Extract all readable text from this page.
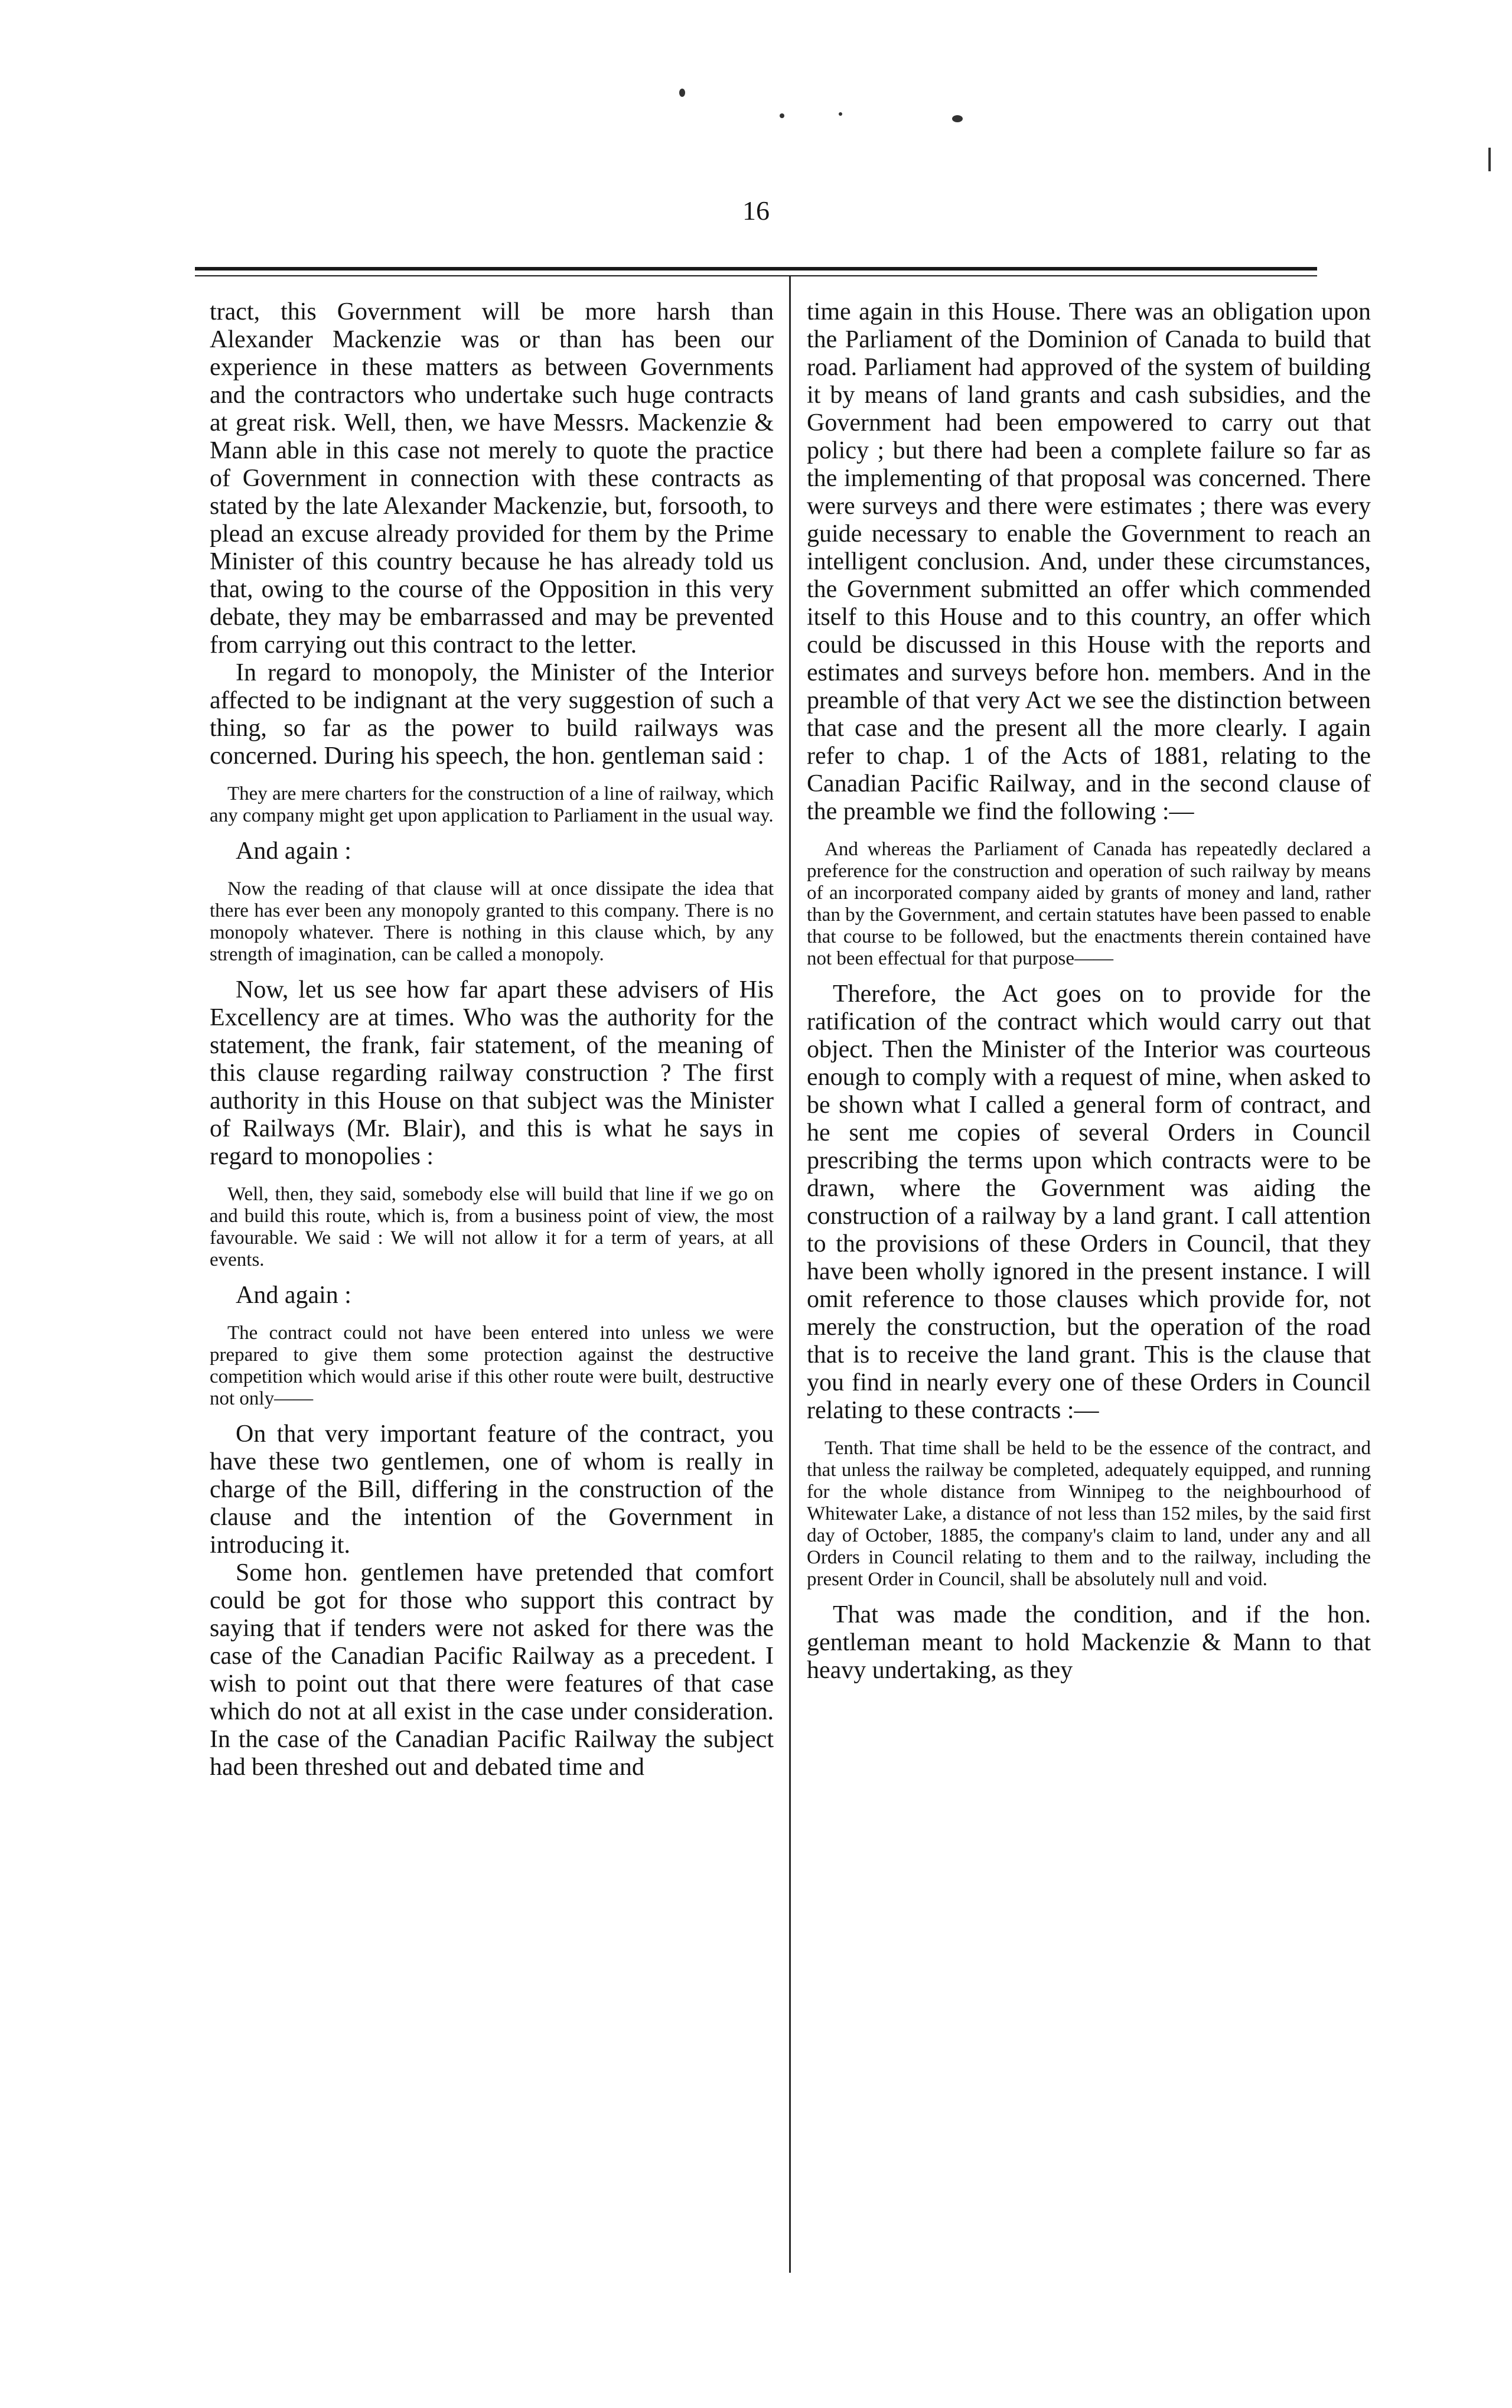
16

tract, this Government will be more harsh than Alexander Mackenzie was or than has been our experience in these matters as between Governments and the contractors who undertake such huge contracts at great risk. Well, then, we have Messrs. Mackenzie & Mann able in this case not merely to quote the practice of Government in connection with these contracts as stated by the late Alexander Mackenzie, but, forsooth, to plead an excuse already provided for them by the Prime Minister of this country because he has already told us that, owing to the course of the Opposition in this very debate, they may be embarrassed and may be prevented from carrying out this contract to the letter.

In regard to monopoly, the Minister of the Interior affected to be indignant at the very suggestion of such a thing, so far as the power to build railways was concerned. During his speech, the hon. gentleman said :

They are mere charters for the construction of a line of railway, which any company might get upon application to Parliament in the usual way.

And again :

Now the reading of that clause will at once dissipate the idea that there has ever been any monopoly granted to this company. There is no monopoly whatever. There is nothing in this clause which, by any strength of imagination, can be called a monopoly.

Now, let us see how far apart these advisers of His Excellency are at times. Who was the authority for the statement, the frank, fair statement, of the meaning of this clause regarding railway construction ? The first authority in this House on that subject was the Minister of Railways (Mr. Blair), and this is what he says in regard to monopolies :

Well, then, they said, somebody else will build that line if we go on and build this route, which is, from a business point of view, the most favourable. We said : We will not allow it for a term of years, at all events.

And again :

The contract could not have been entered into unless we were prepared to give them some protection against the destructive competition which would arise if this other route were built, destructive not only——

On that very important feature of the contract, you have these two gentlemen, one of whom is really in charge of the Bill, differing in the construction of the clause and the intention of the Government in introducing it.

Some hon. gentlemen have pretended that comfort could be got for those who support this contract by saying that if tenders were not asked for there was the case of the Canadian Pacific Railway as a precedent. I wish to point out that there were features of that case which do not at all exist in the case under consideration. In the case of the Canadian Pacific Railway the subject had been threshed out and debated time and

time again in this House. There was an obligation upon the Parliament of the Dominion of Canada to build that road. Parliament had approved of the system of building it by means of land grants and cash subsidies, and the Government had been empowered to carry out that policy ; but there had been a complete failure so far as the implementing of that proposal was concerned. There were surveys and there were estimates ; there was every guide necessary to enable the Government to reach an intelligent conclusion. And, under these circumstances, the Government submitted an offer which commended itself to this House and to this country, an offer which could be discussed in this House with the reports and estimates and surveys before hon. members. And in the preamble of that very Act we see the distinction between that case and the present all the more clearly. I again refer to chap. 1 of the Acts of 1881, relating to the Canadian Pacific Railway, and in the second clause of the preamble we find the following :—

And whereas the Parliament of Canada has repeatedly declared a preference for the construction and operation of such railway by means of an incorporated company aided by grants of money and land, rather than by the Government, and certain statutes have been passed to enable that course to be followed, but the enactments therein contained have not been effectual for that purpose——

Therefore, the Act goes on to provide for the ratification of the contract which would carry out that object. Then the Minister of the Interior was courteous enough to comply with a request of mine, when asked to be shown what I called a general form of contract, and he sent me copies of several Orders in Council prescribing the terms upon which contracts were to be drawn, where the Government was aiding the construction of a railway by a land grant. I call attention to the provisions of these Orders in Council, that they have been wholly ignored in the present instance. I will omit reference to those clauses which provide for, not merely the construction, but the operation of the road that is to receive the land grant. This is the clause that you find in nearly every one of these Orders in Council relating to these contracts :—

Tenth. That time shall be held to be the essence of the contract, and that unless the railway be completed, adequately equipped, and running for the whole distance from Winnipeg to the neighbourhood of Whitewater Lake, a distance of not less than 152 miles, by the said first day of October, 1885, the company's claim to land, under any and all Orders in Council relating to them and to the railway, including the present Order in Council, shall be absolutely null and void.

That was made the condition, and if the hon. gentleman meant to hold Mackenzie & Mann to that heavy undertaking, as they
